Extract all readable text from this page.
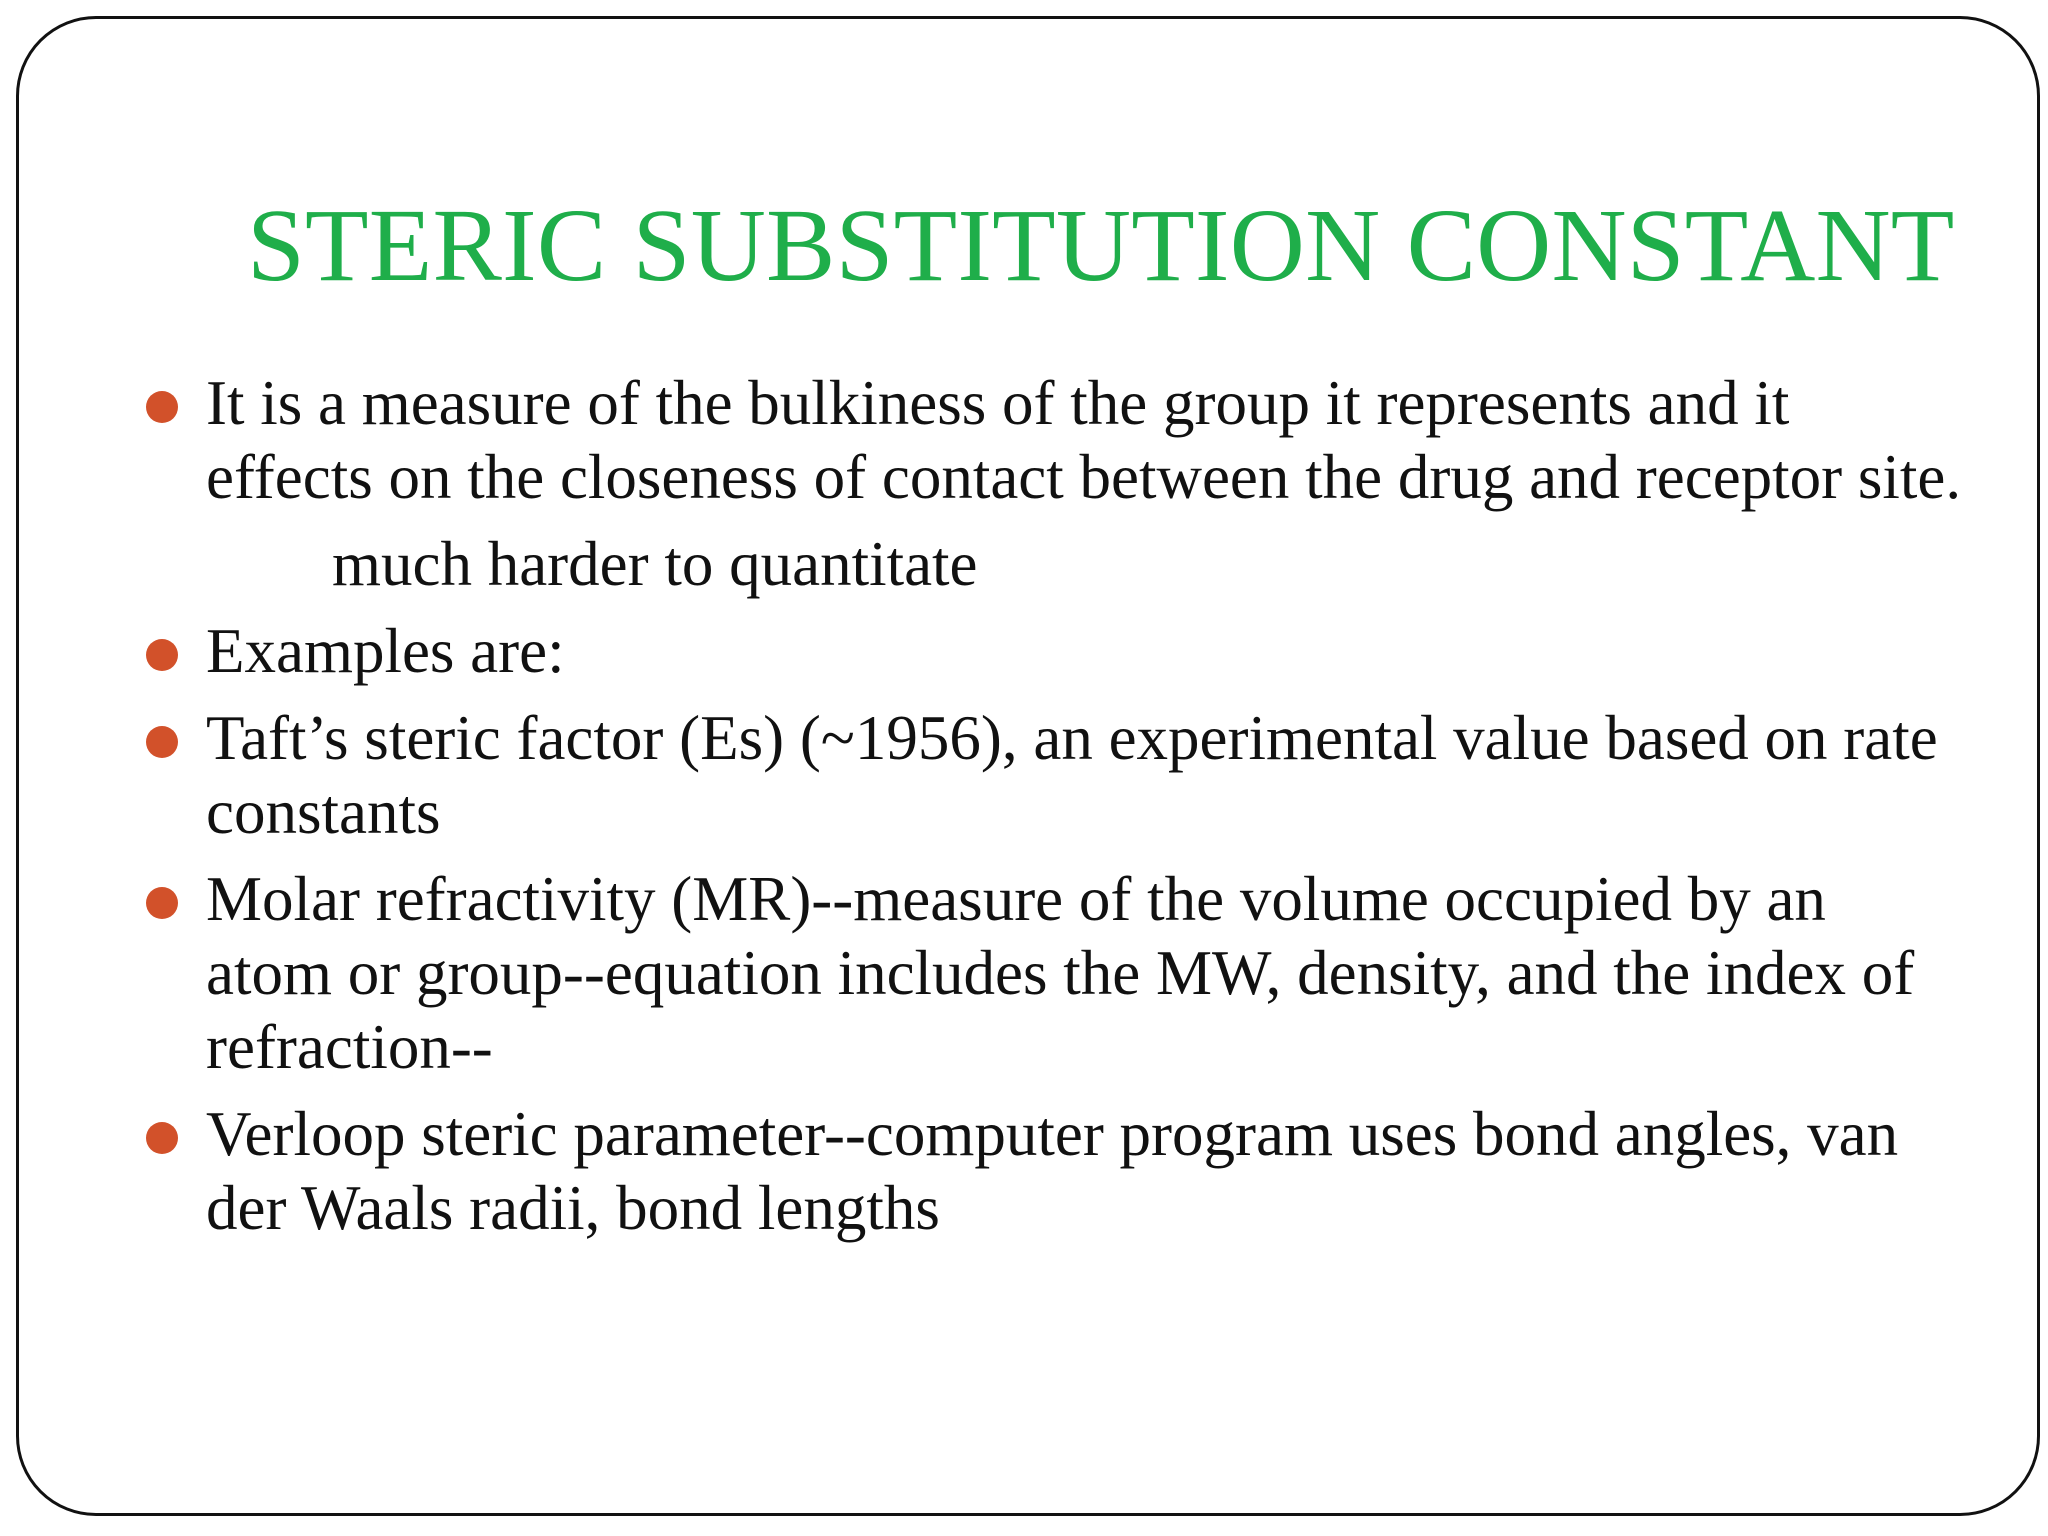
STERIC SUBSTITUTION CONSTANT
It is a measure of the bulkiness of the group it represents and it effects on the closeness of contact between the drug and receptor site.
much harder to quantitate
Examples are:
Taft’s steric factor (Es) (~1956), an experimental value based on rate constants
Molar refractivity (MR)--measure of the volume occupied by an atom or group--equation includes the MW, density, and the index of refraction--
Verloop steric parameter--computer program uses bond angles, van der Waals radii, bond lengths
